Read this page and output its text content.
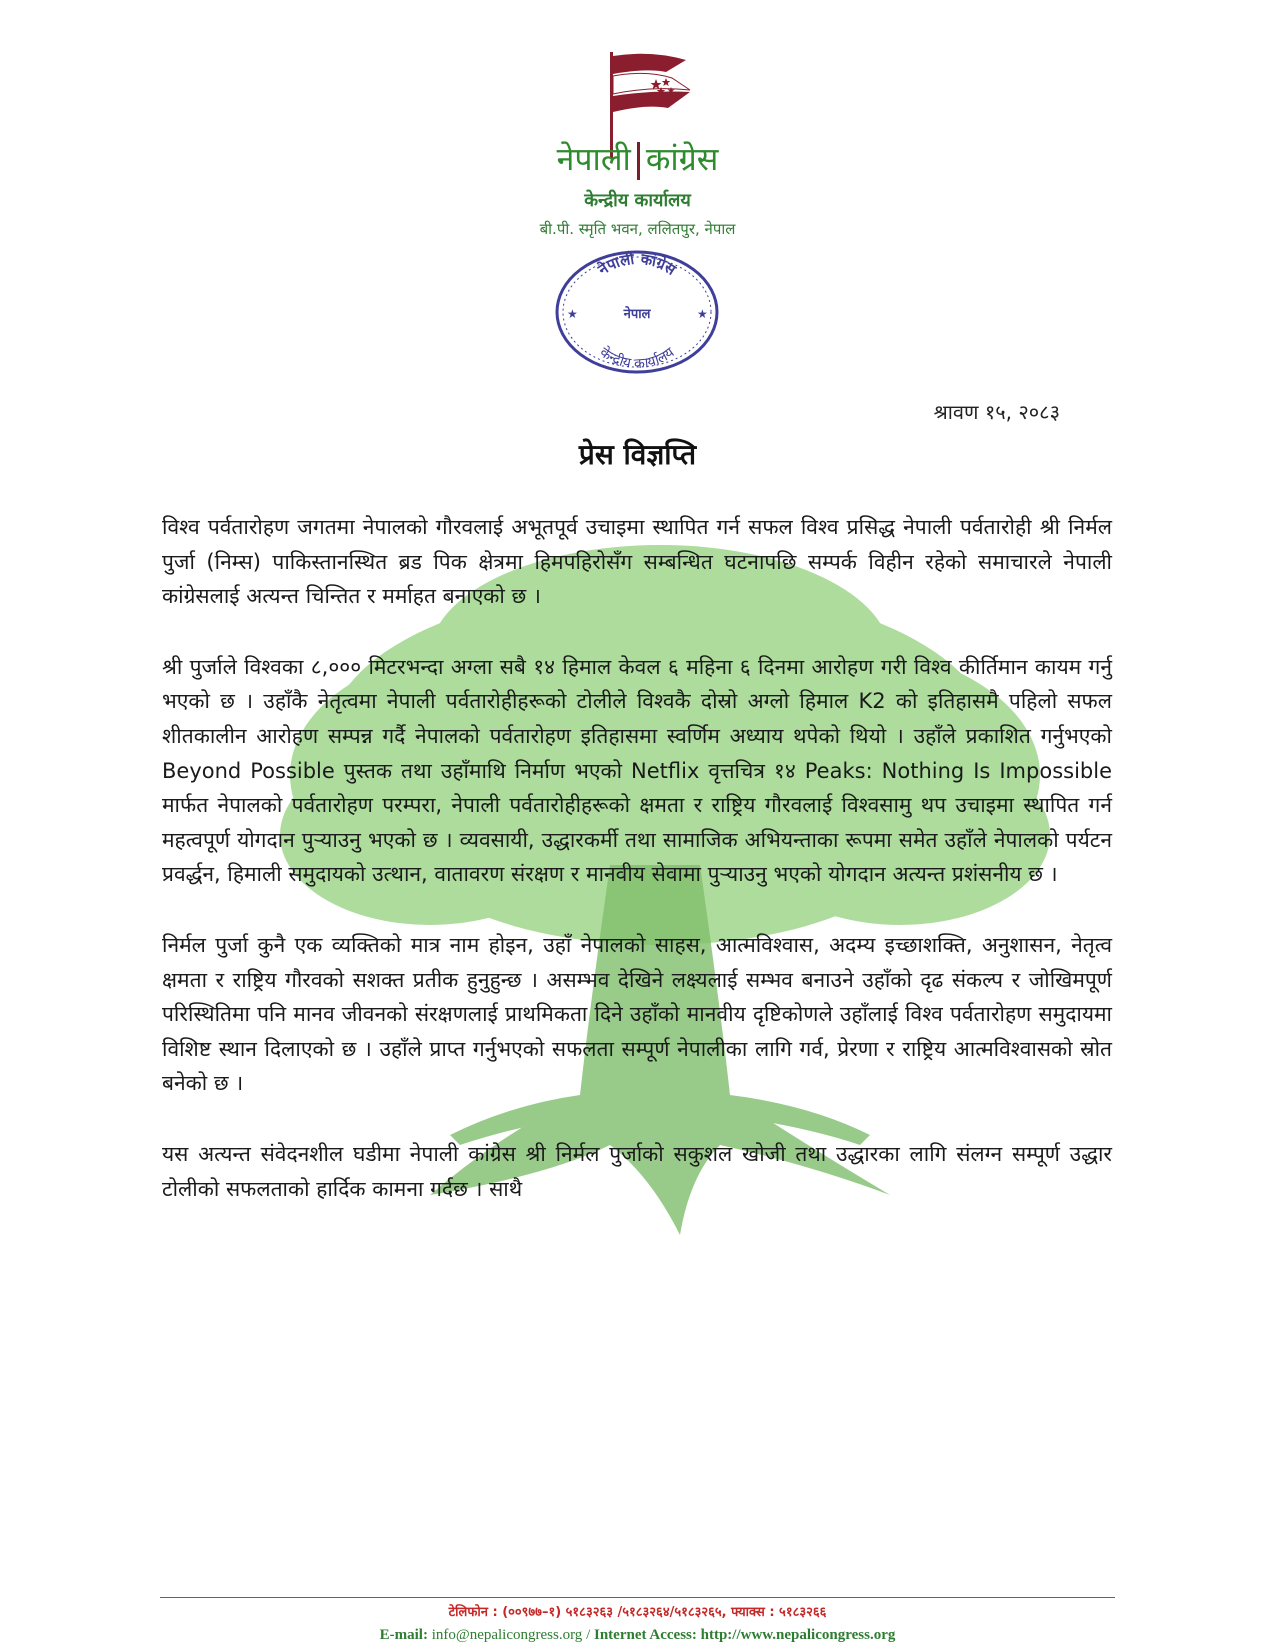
नेपाली कांग्रेस
केन्द्रीय कार्यालय
बी.पी. स्मृति भवन, ललितपुर, नेपाल
नेपाली कांग्रेस
नेपाल
केन्द्रीय कार्यालय
★	★
श्रावण १५, २०८३
प्रेस विज्ञप्ति

विश्व पर्वतारोहण जगतमा नेपालको गौरवलाई अभूतपूर्व उचाइमा स्थापित गर्न सफल विश्व प्रसिद्ध नेपाली पर्वतारोही श्री निर्मल पुर्जा (निम्स) पाकिस्तानस्थित ब्रड पिक क्षेत्रमा हिमपहिरोसँग सम्बन्धित घटनापछि सम्पर्क विहीन रहेको समाचारले नेपाली कांग्रेसलाई अत्यन्त चिन्तित र मर्माहत बनाएको छ ।

श्री पुर्जाले विश्वका ८,००० मिटरभन्दा अग्ला सबै १४ हिमाल केवल ६ महिना ६ दिनमा आरोहण गरी विश्व कीर्तिमान कायम गर्नु भएको छ । उहाँकै नेतृत्वमा नेपाली पर्वतारोहीहरूको टोलीले विश्वकै दोस्रो अग्लो हिमाल K2 को इतिहासमै पहिलो सफल शीतकालीन आरोहण सम्पन्न गर्दै नेपालको पर्वतारोहण इतिहासमा स्वर्णिम अध्याय थपेको थियो । उहाँले प्रकाशित गर्नुभएको Beyond Possible पुस्तक तथा उहाँमाथि निर्माण भएको Netflix वृत्तचित्र १४ Peaks: Nothing Is Impossible मार्फत नेपालको पर्वतारोहण परम्परा, नेपाली पर्वतारोहीहरूको क्षमता र राष्ट्रिय गौरवलाई विश्वसामु थप उचाइमा स्थापित गर्न महत्वपूर्ण योगदान पुर्‍याउनु भएको छ । व्यवसायी, उद्धारकर्मी तथा सामाजिक अभियन्ताका रूपमा समेत उहाँले नेपालको पर्यटन प्रवर्द्धन, हिमाली समुदायको उत्थान, वातावरण संरक्षण र मानवीय सेवामा पुर्‍याउनु भएको योगदान अत्यन्त प्रशंसनीय छ ।

निर्मल पुर्जा कुनै एक व्यक्तिको मात्र नाम होइन, उहाँ नेपालको साहस, आत्मविश्वास, अदम्य इच्छाशक्ति, अनुशासन, नेतृत्व क्षमता र राष्ट्रिय गौरवको सशक्त प्रतीक हुनुहुन्छ । असम्भव देखिने लक्ष्यलाई सम्भव बनाउने उहाँको दृढ संकल्प र जोखिमपूर्ण परिस्थितिमा पनि मानव जीवनको संरक्षणलाई प्राथमिकता दिने उहाँको मानवीय दृष्टिकोणले उहाँलाई विश्व पर्वतारोहण समुदायमा विशिष्ट स्थान दिलाएको छ । उहाँले प्राप्त गर्नुभएको सफलता सम्पूर्ण नेपालीका लागि गर्व, प्रेरणा र राष्ट्रिय आत्मविश्वासको स्रोत बनेको छ ।

यस अत्यन्त संवेदनशील घडीमा नेपाली कांग्रेस श्री निर्मल पुर्जाको सकुशल खोजी तथा उद्धारका लागि संलग्न सम्पूर्ण उद्धार टोलीको सफलताको हार्दिक कामना गर्दछ । साथै

टेलिफोन : (००९७७–१) ५१८३२६३ /५१८३२६४/५१८३२६५, फ्याक्स : ५१८३२६६
E-mail: info@nepalicongress.org / Internet Access: http://www.nepalicongress.org
